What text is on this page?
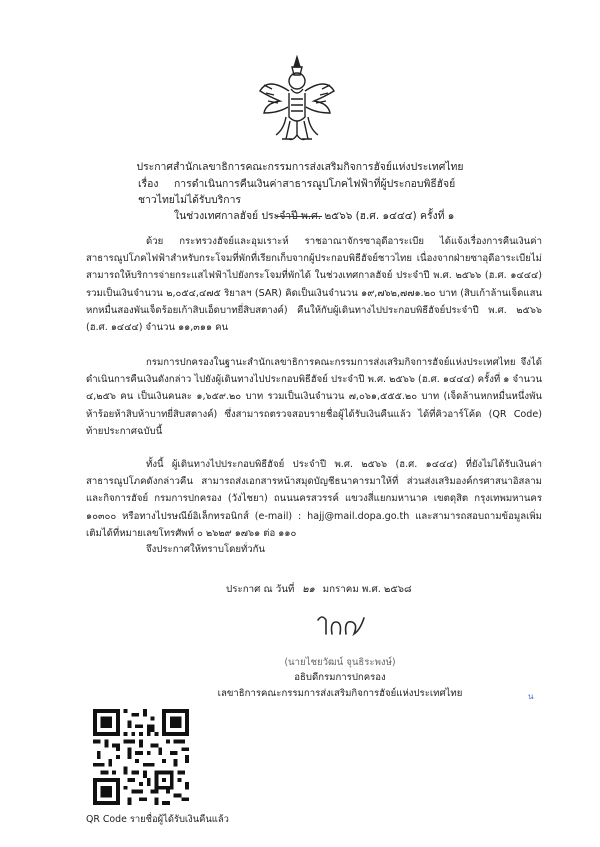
ประกาศสำนักเลขาธิการคณะกรรมการส่งเสริมกิจการฮัจย์แห่งประเทศไทย
เรื่อง การดำเนินการคืนเงินค่าสาธารณูปโภคไฟฟ้าที่ผู้ประกอบพิธีฮัจย์ชาวไทยไม่ได้รับบริการ
ในช่วงเทศกาลฮัจย์ ประจำปี พ.ศ. ๒๕๖๖ (ฮ.ศ. ๑๔๔๔) ครั้งที่ ๑
ด้วย กระทรวงฮัจย์และอุมเราะห์ ราชอาณาจักรซาอุดีอาระเบีย ได้แจ้งเรื่องการคืนเงินค่าสาธารณูปโภคไฟฟ้าสำหรับกระโจมที่พักที่เรียกเก็บจากผู้ประกอบพิธีฮัจย์ชาวไทย เนื่องจากฝ่ายซาอุดีอาระเบียไม่สามารถให้บริการจ่ายกระแสไฟฟ้าไปยังกระโจมที่พักได้ ในช่วงเทศกาลฮัจย์ ประจำปี พ.ศ. ๒๕๖๖ (ฮ.ศ. ๑๔๔๔) รวมเป็นเงินจำนวน ๒,๐๕๔,๔๗๕ ริยาลฯ (SAR) คิดเป็นเงินจำนวน ๑๙,๗๖๒,๗๗๑.๒๐ บาท (สิบเก้าล้านเจ็ดแสนหกหมื่นสองพันเจ็ดร้อยเก้าสิบเอ็ดบาทยี่สิบสตางค์) คืนให้กับผู้เดินทางไปประกอบพิธีฮัจย์ประจำปี พ.ศ. ๒๕๖๖ (ฮ.ศ. ๑๔๔๔) จำนวน ๑๑,๓๑๑ คน
กรมการปกครองในฐานะสำนักเลขาธิการคณะกรรมการส่งเสริมกิจการฮัจย์แห่งประเทศไทย จึงได้ดำเนินการคืนเงินดังกล่าว ไปยังผู้เดินทางไปประกอบพิธีฮัจย์ ประจำปี พ.ศ. ๒๕๖๖ (ฮ.ศ. ๑๔๔๔) ครั้งที่ ๑ จำนวน ๔,๒๕๖ คน เป็นเงินคนละ ๑,๖๕๙.๒๐ บาท รวมเป็นเงินจำนวน ๗,๐๖๑,๕๕๕.๒๐ บาท (เจ็ดล้านหกหมื่นหนึ่งพันห้าร้อยห้าสิบห้าบาทยี่สิบสตางค์) ซึ่งสามารถตรวจสอบรายชื่อผู้ได้รับเงินคืนแล้ว ได้ที่คิวอาร์โค้ด (QR Code) ท้ายประกาศฉบับนี้
ทั้งนี้ ผู้เดินทางไปประกอบพิธีฮัจย์ ประจำปี พ.ศ. ๒๕๖๖ (ฮ.ศ. ๑๔๔๔) ที่ยังไม่ได้รับเงินค่าสาธารณูปโภคดังกล่าวคืน สามารถส่งเอกสารหน้าสมุดบัญชีธนาคารมาให้ที่ ส่วนส่งเสริมองค์กรศาสนาอิสลามและกิจการฮัจย์ กรมการปกครอง (วังไชยา) ถนนนครสวรรค์ แขวงสี่แยกมหานาค เขตดุสิต กรุงเทพมหานคร ๑๐๓๐๐ หรือทางไปรษณีย์อิเล็กทรอนิกส์ (e-mail) : hajj@mail.dopa.go.th และสามารถสอบถามข้อมูลเพิ่มเติมได้ที่หมายเลขโทรศัพท์ ๐ ๒๖๒๙ ๑๗๖๑ ต่อ ๑๑๐
จึงประกาศให้ทราบโดยทั่วกัน
ประกาศ ณ วันที่ ๒๑ มกราคม พ.ศ. ๒๕๖๘
(นายไชยวัฒน์ จุนธิระพงษ์)
อธิบดีกรมการปกครอง
เลขาธิการคณะกรรมการส่งเสริมกิจการฮัจย์แห่งประเทศไทย	น
QR Code รายชื่อผู้ได้รับเงินคืนแล้ว
